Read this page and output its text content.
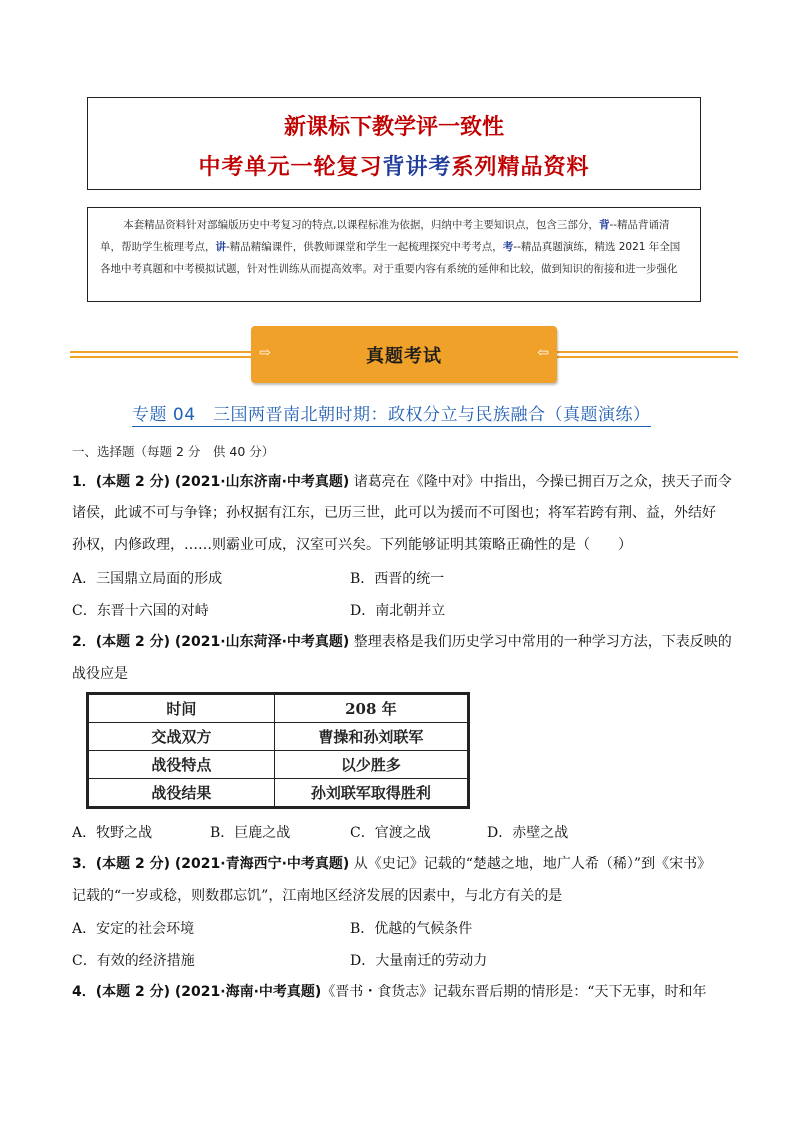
新课标下教学评一致性
中考单元一轮复习背讲考系列精品资料
本套精品资料针对部编版历史中考复习的特点,以课程标准为依据，归纳中考主要知识点，包含三部分，背--精品背诵清单，帮助学生梳理考点，讲-精品精编课件，供教师课堂和学生一起梳理探究中考考点，考--精品真题演练，精选 2021 年全国各地中考真题和中考模拟试题，针对性训练从而提高效率。对于重要内容有系统的延伸和比较，做到知识的衔接和进一步强化
⇨	真题考试	⇦
专题 04　三国两晋南北朝时期：政权分立与民族融合（真题演练）
一、选择题（每题 2 分　供 40 分）
1．(本题 2 分) (2021·山东济南·中考真题) 诸葛亮在《隆中对》中指出，今操已拥百万之众，挟天子而令
诸侯，此诚不可与争锋；孙权据有江东，已历三世，此可以为援而不可图也；将军若跨有荆、益，外结好
孙权，内修政理，……则霸业可成，汉室可兴矣。下列能够证明其策略正确性的是（　　）
A．三国鼎立局面的形成	B．西晋的统一
C．东晋十六国的对峙	D．南北朝并立
2．(本题 2 分) (2021·山东菏泽·中考真题) 整理表格是我们历史学习中常用的一种学习方法，下表反映的
战役应是
时间	208 年
交战双方	曹操和孙刘联军
战役特点	以少胜多
战役结果	孙刘联军取得胜利
A．牧野之战	B．巨鹿之战	C．官渡之战	D．赤壁之战
3．(本题 2 分) (2021·青海西宁·中考真题) 从《史记》记载的“楚越之地，地广人希（稀）”到《宋书》
记载的“一岁或稔，则数郡忘饥”，江南地区经济发展的因素中，与北方有关的是
A．安定的社会环境	B．优越的气候条件
C．有效的经济措施	D．大量南迁的劳动力
4．(本题 2 分) (2021·海南·中考真题)《晋书・食货志》记载东晋后期的情形是：“天下无事，时和年
